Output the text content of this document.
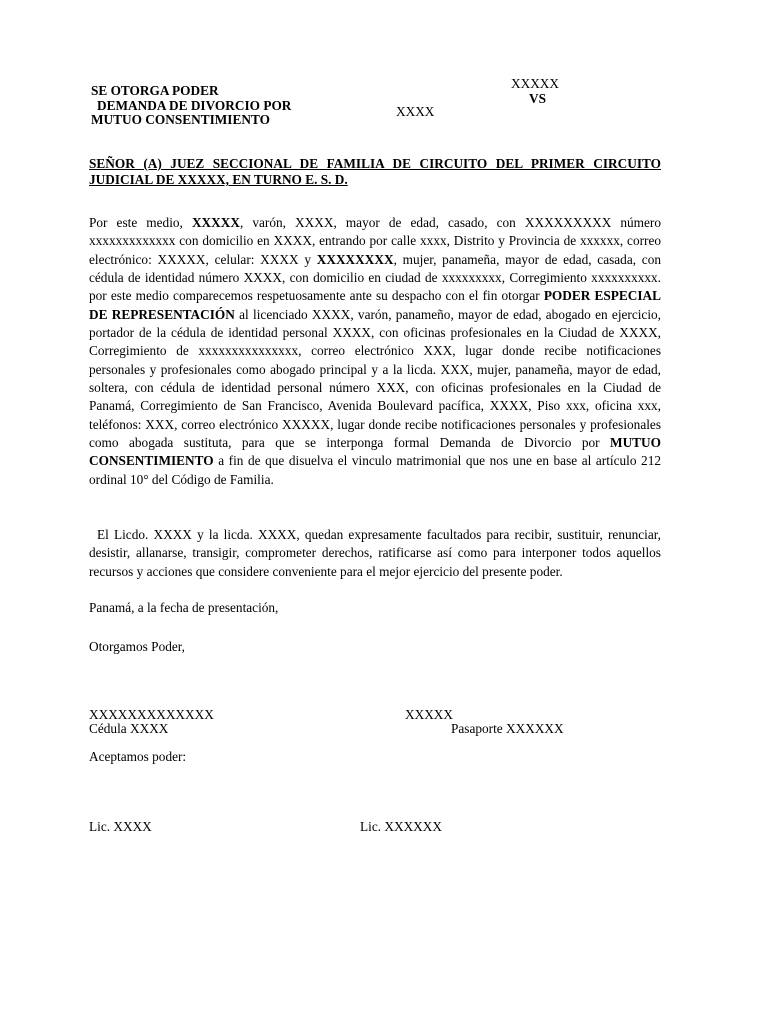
SE OTORGA PODER
DEMANDA DE DIVORCIO POR
MUTUO CONSENTIMIENTO
XXXX
XXXXX
VS
SEÑOR (A) JUEZ SECCIONAL DE FAMILIA DE CIRCUITO DEL PRIMER CIRCUITO JUDICIAL DE XXXXX, EN TURNO E. S. D.
Por este medio, XXXXX, varón, XXXX, mayor de edad, casado, con XXXXXXXXX número xxxxxxxxxxxxx con domicilio en XXXX, entrando por calle xxxx, Distrito y Provincia de xxxxxx, correo electrónico: XXXXX, celular: XXXX y XXXXXXXX, mujer, panameña, mayor de edad, casada, con cédula de identidad número XXXX, con domicilio en ciudad de xxxxxxxxx, Corregimiento xxxxxxxxxx. por este medio comparecemos respetuosamente ante su despacho con el fin otorgar PODER ESPECIAL DE REPRESENTACIÓN al licenciado XXXX, varón, panameño, mayor de edad, abogado en ejercicio, portador de la cédula de identidad personal XXXX, con oficinas profesionales en la Ciudad de XXXX, Corregimiento de xxxxxxxxxxxxxxx, correo electrónico XXX, lugar donde recibe notificaciones personales y profesionales como abogado principal y a la licda. XXX, mujer, panameña, mayor de edad, soltera, con cédula de identidad personal número XXX, con oficinas profesionales en la Ciudad de Panamá, Corregimiento de San Francisco, Avenida Boulevard pacífica, XXXX, Piso xxx, oficina xxx, teléfonos: XXX, correo electrónico XXXXX, lugar donde recibe notificaciones personales y profesionales como abogada sustituta, para que se interponga formal Demanda de Divorcio por MUTUO CONSENTIMIENTO a fin de que disuelva el vinculo matrimonial que nos une en base al artículo 212 ordinal 10° del Código de Familia.
El Licdo. XXXX y la licda. XXXX, quedan expresamente facultados para recibir, sustituir, renunciar, desistir, allanarse, transigir, comprometer derechos, ratificarse así como para interponer todos aquellos recursos y acciones que considere conveniente para el mejor ejercicio del presente poder.
Panamá, a la fecha de presentación,
Otorgamos Poder,
XXXXXXXXXXXXX
Cédula XXXX
XXXXX
Pasaporte XXXXXX
Aceptamos poder:
Lic. XXXX	Lic. XXXXXX
